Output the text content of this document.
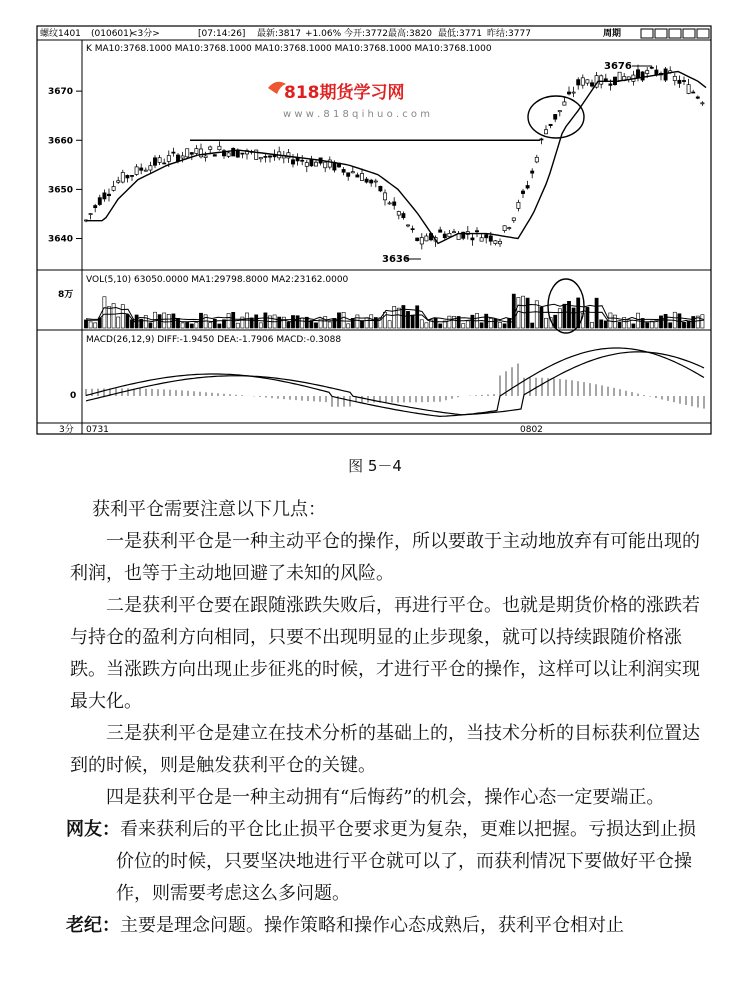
螺纹1401 (010601)
<3分>	[07:14:26] 最新:3817 +1.06% 今开:3772 最高:3820 最低:3771 昨结:3777	周期
K MA10:3768.1000 MA10:3768.1000 MA10:3768.1000 MA10:3768.1000 MA10:3768.1000
3640
3650
3660
3670	818期货学习网
w w w . 8 1 8 q i h u o . c o m
3676
3636
VOL(5,10) 63050.0000 MA1:29798.8000 MA2:23162.0000
8万
MACD(26,12,9) DIFF:-1.9450 DEA:-1.7906 MACD:-0.3088
0
3分 0731	0802
图 5－4

获利平仓需要注意以下几点：

一是获利平仓是一种主动平仓的操作，所以要敢于主动地放弃有可能出现的利润，也等于主动地回避了未知的风险。

二是获利平仓要在跟随涨跌失败后，再进行平仓。也就是期货价格的涨跌若与持仓的盈利方向相同，只要不出现明显的止步现象，就可以持续跟随价格涨跌。当涨跌方向出现止步征兆的时候，才进行平仓的操作，这样可以让利润实现最大化。

三是获利平仓是建立在技术分析的基础上的，当技术分析的目标获利位置达到的时候，则是触发获利平仓的关键。

四是获利平仓是一种主动拥有“后悔药”的机会，操作心态一定要端正。

网友：看来获利后的平仓比止损平仓要求更为复杂，更难以把握。亏损达到止损价位的时候，只要坚决地进行平仓就可以了，而获利情况下要做好平仓操作，则需要考虑这么多问题。

老纪：主要是理念问题。操作策略和操作心态成熟后，获利平仓相对止
